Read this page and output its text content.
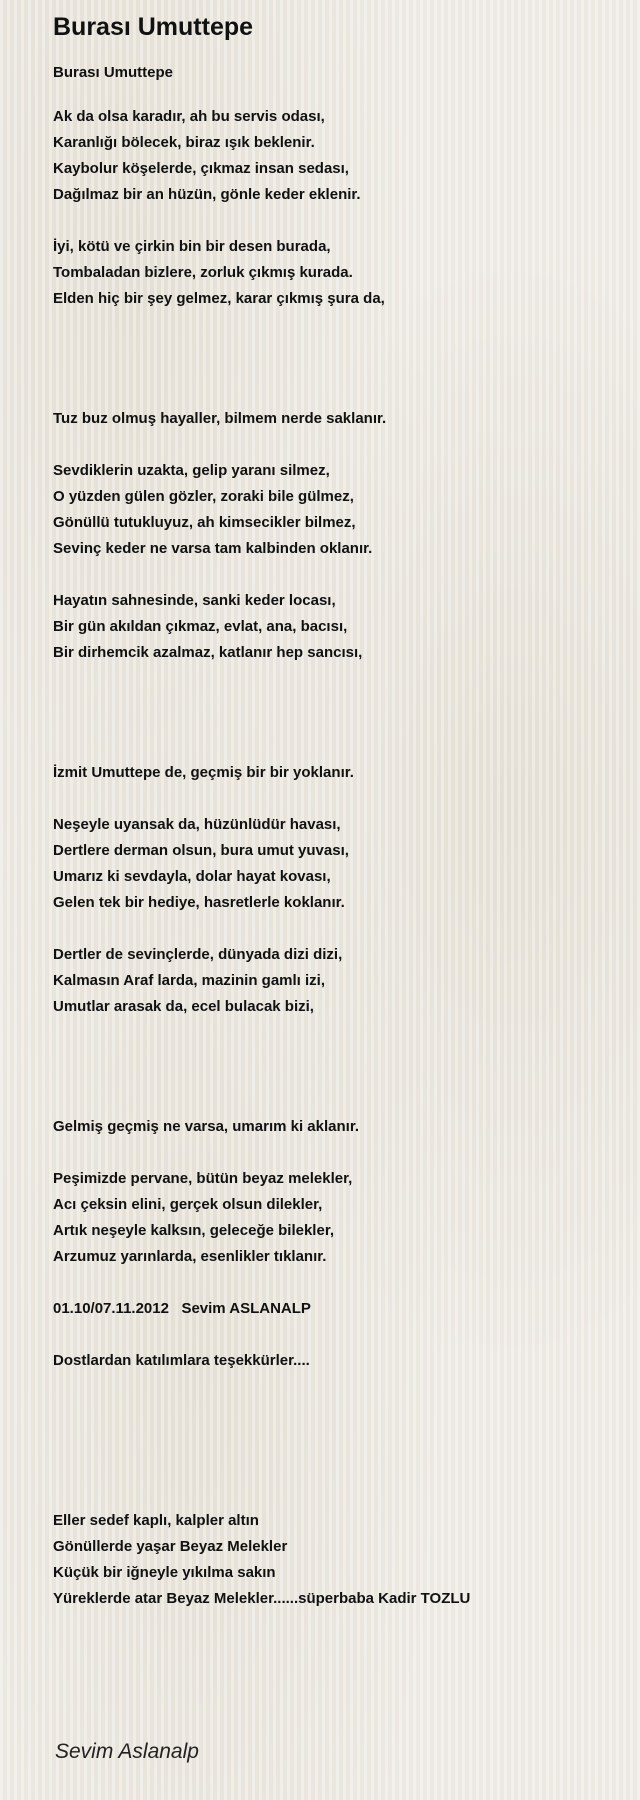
Burası Umuttepe
Burası Umuttepe
Ak da olsa karadır, ah bu servis odası,
Karanlığı bölecek, biraz ışık beklenir.
Kaybolur köşelerde, çıkmaz insan sedası,
Dağılmaz bir an hüzün, gönle keder eklenir.
İyi, kötü ve çirkin bin bir desen burada,
Tombaladan bizlere, zorluk çıkmış kurada.
Elden hiç bir şey gelmez, karar çıkmış şura da,
Tuz buz olmuş hayaller, bilmem nerde saklanır.
Sevdiklerin uzakta, gelip yaranı silmez,
O yüzden gülen gözler, zoraki bile gülmez,
Gönüllü tutukluyuz, ah kimsecikler bilmez,
Sevinç keder ne varsa tam kalbinden oklanır.
Hayatın sahnesinde, sanki keder locası,
Bir gün akıldan çıkmaz, evlat, ana, bacısı,
Bir dirhemcik azalmaz, katlanır hep sancısı,
İzmit Umuttepe de, geçmiş bir bir yoklanır.
Neşeyle uyansak da, hüzünlüdür havası,
Dertlere derman olsun, bura umut yuvası,
Umarız ki sevdayla, dolar hayat kovası,
Gelen tek bir hediye, hasretlerle koklanır.
Dertler de sevinçlerde, dünyada dizi dizi,
Kalmasın Araf larda, mazinin gamlı izi,
Umutlar arasak da, ecel bulacak bizi,
Gelmiş geçmiş ne varsa, umarım ki aklanır.
Peşimizde pervane, bütün beyaz melekler,
Acı çeksin elini, gerçek olsun dilekler,
Artık neşeyle kalksın, geleceğe bilekler,
Arzumuz yarınlarda, esenlikler tıklanır.
01.10/07.11.2012   Sevim ASLANALP
Dostlardan katılımlara teşekkürler....
Eller sedef kaplı, kalpler altın
Gönüllerde yaşar Beyaz Melekler
Küçük bir iğneyle yıkılma sakın
Yüreklerde atar Beyaz Melekler......süperbaba Kadir TOZLU
Sevim Aslanalp
